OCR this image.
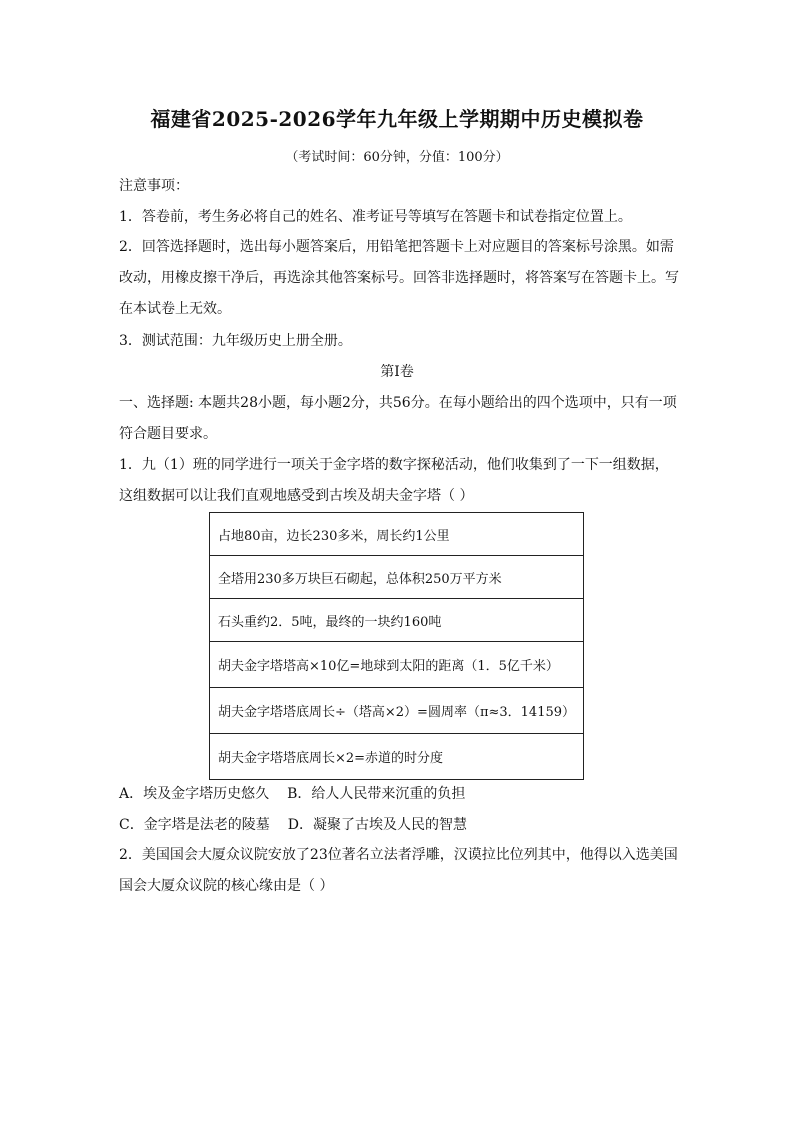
福建省2025-2026学年九年级上学期期中历史模拟卷
（考试时间：60分钟，分值：100分）
注意事项：
1．答卷前，考生务必将自己的姓名、准考证号等填写在答题卡和试卷指定位置上。
2．回答选择题时，选出每小题答案后，用铅笔把答题卡上对应题目的答案标号涂黑。如需改动，用橡皮擦干净后，再选涂其他答案标号。回答非选择题时，将答案写在答题卡上。写在本试卷上无效。
3．测试范围：九年级历史上册全册。
第I卷
一、选择题: 本题共28小题，每小题2分，共56分。在每小题给出的四个选项中，只有一项符合题目要求。
1．九（1）班的同学进行一项关于金字塔的数字探秘活动，他们收集到了一下一组数据，这组数据可以让我们直观地感受到古埃及胡夫金字塔（ ）
占地80亩，边长230多米，周长约1公里
全塔用230多万块巨石砌起，总体积250万平方米
石头重约2．5吨，最终的一块约160吨
胡夫金字塔塔高×10亿=地球到太阳的距离（1．5亿千米）
胡夫金字塔塔底周长÷（塔高×2）=圆周率（π≈3．14159）
胡夫金字塔塔底周长×2=赤道的时分度
A．埃及金字塔历史悠久 B．给人人民带来沉重的负担
C．金字塔是法老的陵墓 D．凝聚了古埃及人民的智慧
2．美国国会大厦众议院安放了23位著名立法者浮雕，汉谟拉比位列其中，他得以入选美国国会大厦众议院的核心缘由是（ ）
